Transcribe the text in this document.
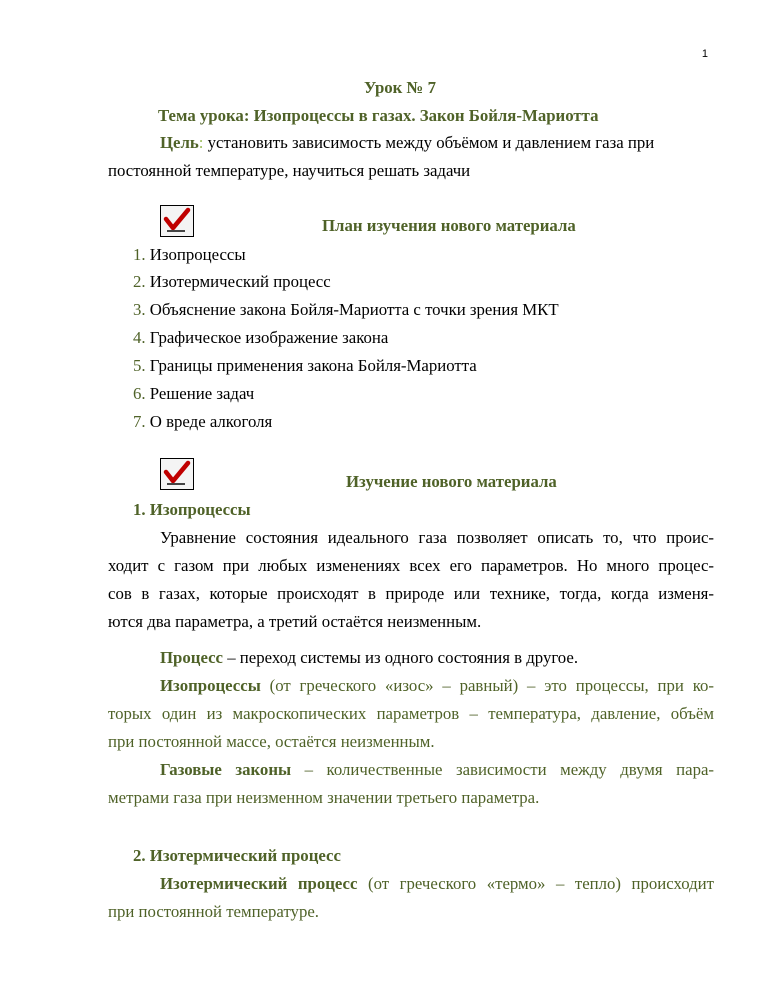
1
Урок № 7
Тема урока: Изопроцессы в газах. Закон Бойля-Мариотта
Цель: установить зависимость между объёмом и давлением газа при
постоянной температуре, научиться решать задачи
План изучения нового материала
1. Изопроцессы
2. Изотермический процесс
3. Объяснение закона Бойля-Мариотта с точки зрения МКТ
4. Графическое изображение закона
5. Границы применения закона Бойля-Мариотта
6. Решение задач
7. О вреде алкоголя
Изучение нового материала
1. Изопроцессы
Уравнение состояния идеального газа позволяет описать то, что проис-
ходит с газом при любых изменениях всех его параметров. Но много процес-
сов в газах, которые происходят в природе или технике, тогда, когда изменя-
ются два параметра, а третий остаётся неизменным.
Процесс – переход системы из одного состояния в другое.
Изопроцессы (от греческого «изос» – равный) – это процессы, при ко-
торых один из макроскопических параметров – температура, давление, объём
при постоянной массе, остаётся неизменным.
Газовые законы – количественные зависимости между двумя пара-
метрами газа при неизменном значении третьего параметра.
2. Изотермический процесс
Изотермический процесс (от греческого «термо» – тепло) происходит
при постоянной температуре.
